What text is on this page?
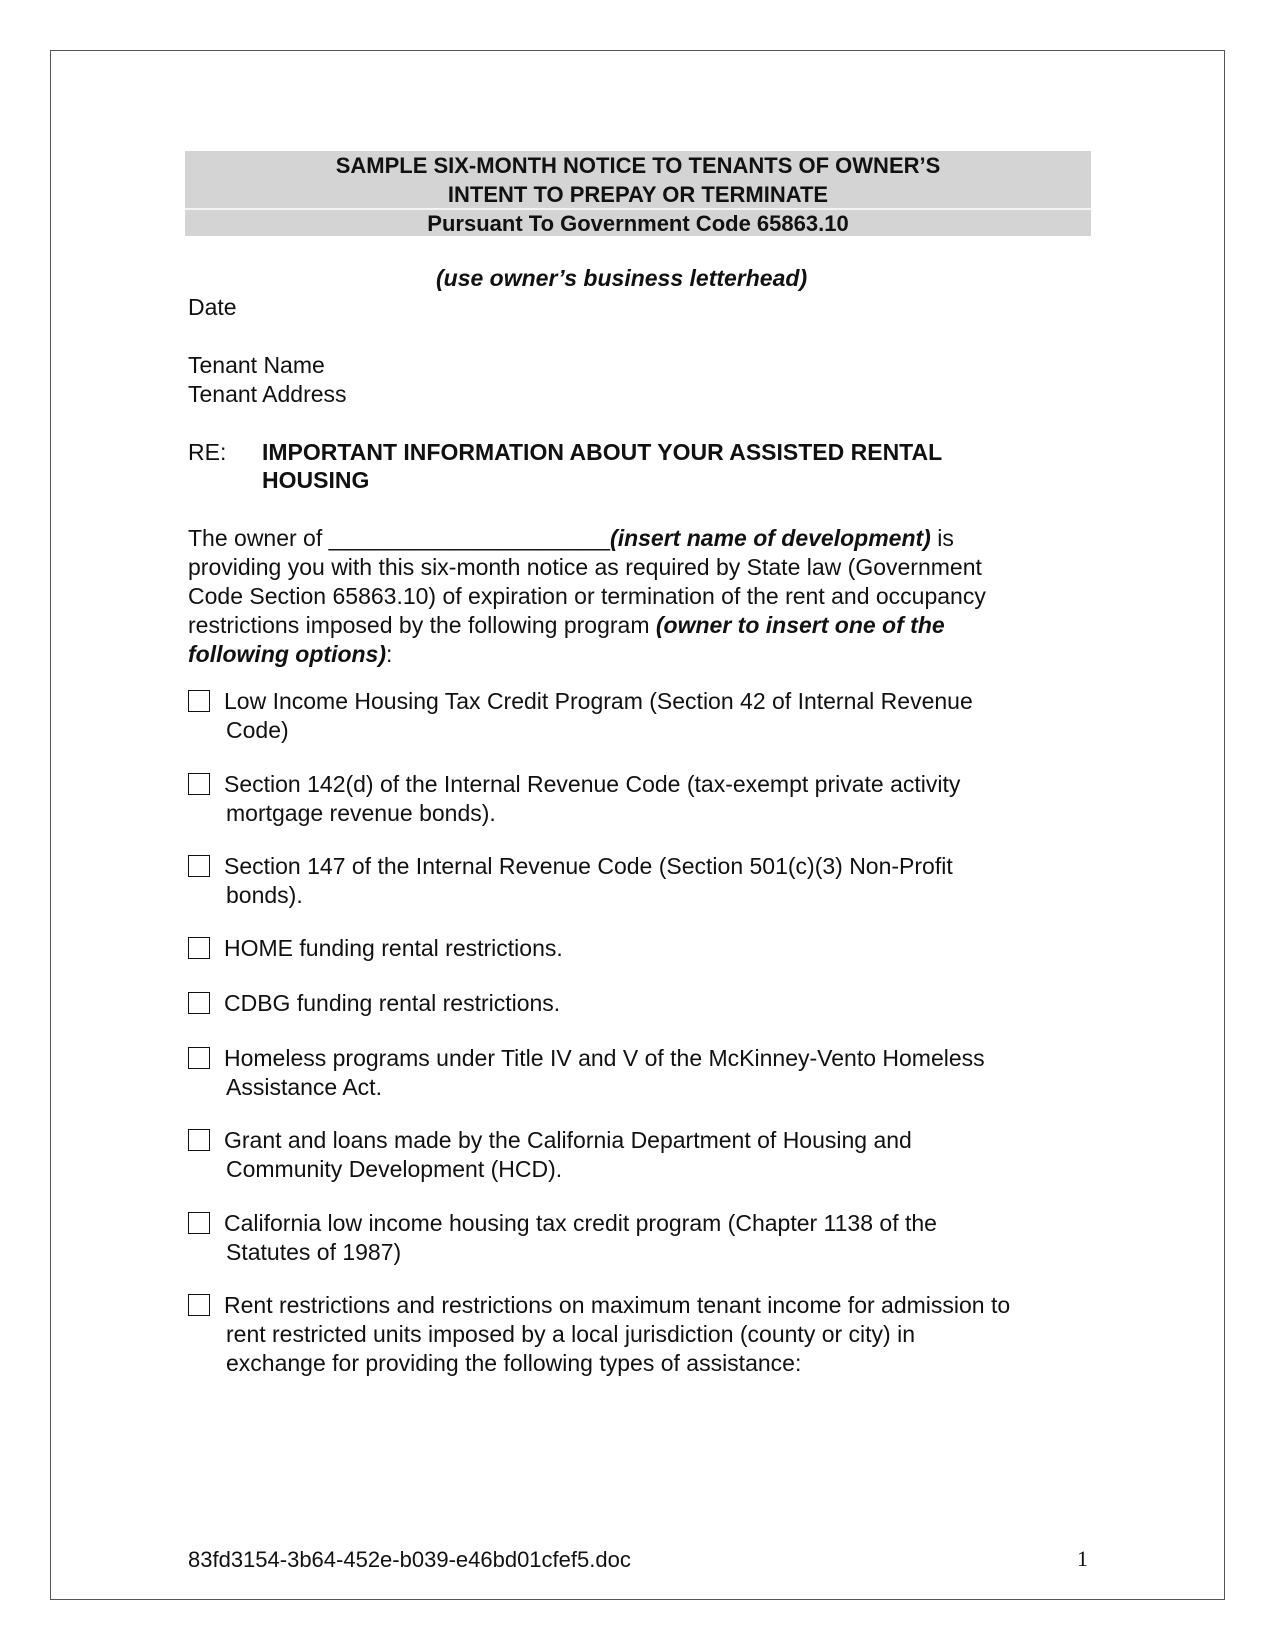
SAMPLE SIX-MONTH NOTICE TO TENANTS OF OWNER’S
INTENT TO PREPAY OR TERMINATE
Pursuant To Government Code 65863.10
(use owner’s business letterhead)
Date
Tenant Name
Tenant Address
RE: IMPORTANT INFORMATION ABOUT YOUR ASSISTED RENTAL
HOUSING
The owner of ______________________(insert name of development) is
providing you with this six-month notice as required by State law (Government
Code Section 65863.10) of expiration or termination of the rent and occupancy
restrictions imposed by the following program (owner to insert one of the
following options):
Low Income Housing Tax Credit Program (Section 42 of Internal Revenue
Code)
Section 142(d) of the Internal Revenue Code (tax-exempt private activity
mortgage revenue bonds).
Section 147 of the Internal Revenue Code (Section 501(c)(3) Non-Profit
bonds).
HOME funding rental restrictions.
CDBG funding rental restrictions.
Homeless programs under Title IV and V of the McKinney-Vento Homeless
Assistance Act.
Grant and loans made by the California Department of Housing and
Community Development (HCD).
California low income housing tax credit program (Chapter 1138 of the
Statutes of 1987)
Rent restrictions and restrictions on maximum tenant income for admission to
rent restricted units imposed by a local jurisdiction (county or city) in
exchange for providing the following types of assistance:
83fd3154-3b64-452e-b039-e46bd01cfef5.doc	1
